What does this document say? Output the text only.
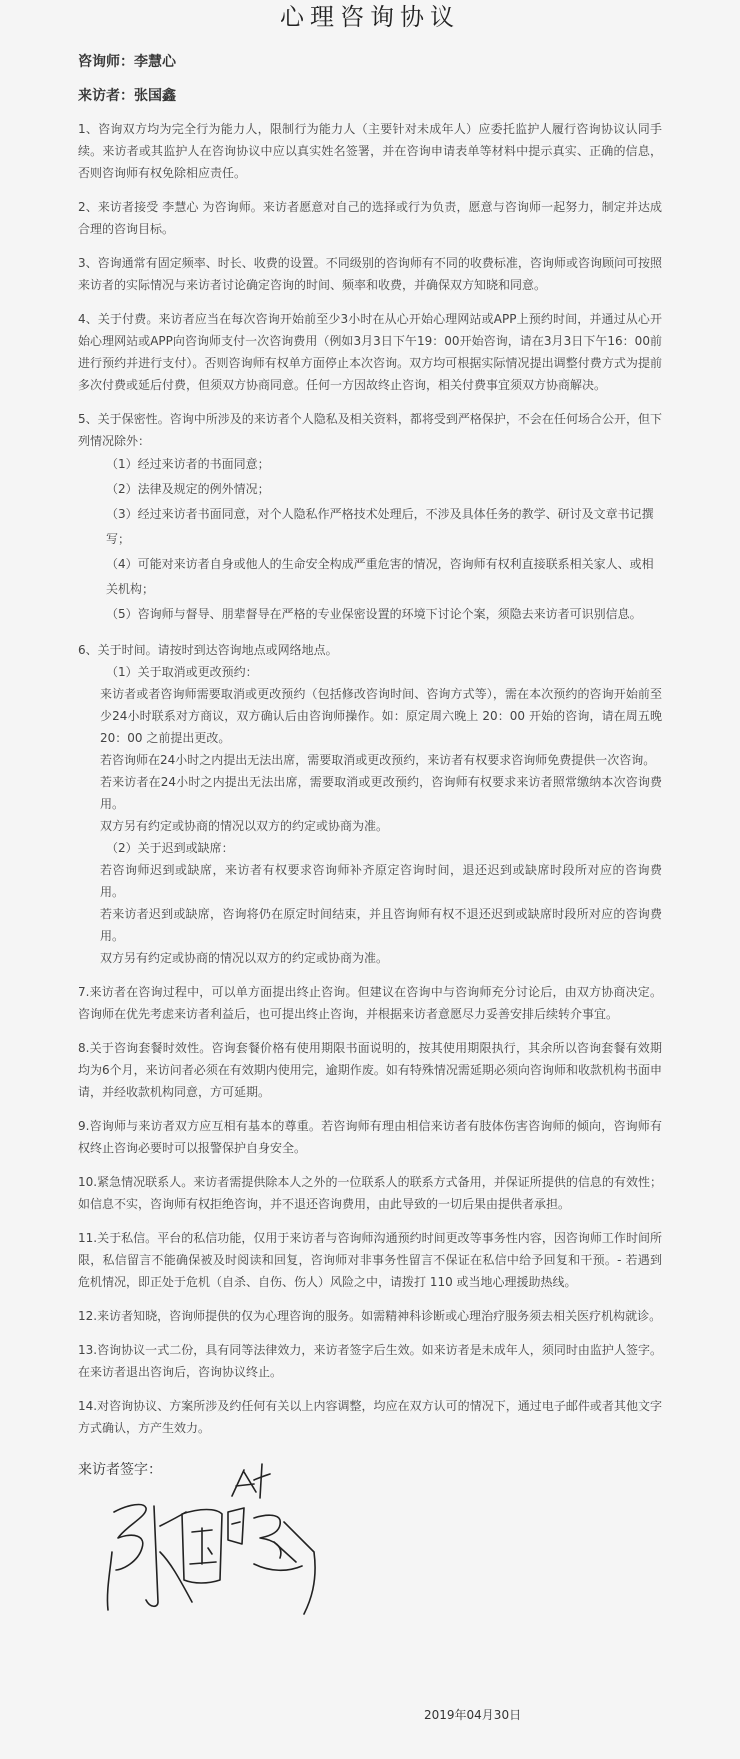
心理咨询协议

咨询师：李慧心

来访者：张国鑫

1、咨询双方均为完全行为能力人，限制行为能力人（主要针对未成年人）应委托监护人履行咨询协议认同手续。来访者或其监护人在咨询协议中应以真实姓名签署，并在咨询申请表单等材料中提示真实、正确的信息，否则咨询师有权免除相应责任。

2、来访者接受 李慧心 为咨询师。来访者愿意对自己的选择或行为负责，愿意与咨询师一起努力，制定并达成合理的咨询目标。

3、咨询通常有固定频率、时长、收费的设置。不同级别的咨询师有不同的收费标准，咨询师或咨询顾问可按照来访者的实际情况与来访者讨论确定咨询的时间、频率和收费，并确保双方知晓和同意。

4、关于付费。来访者应当在每次咨询开始前至少3小时在从心开始心理网站或APP上预约时间，并通过从心开始心理网站或APP向咨询师支付一次咨询费用（例如3月3日下午19：00开始咨询，请在3月3日下午16：00前进行预约并进行支付）。否则咨询师有权单方面停止本次咨询。双方均可根据实际情况提出调整付费方式为提前多次付费或延后付费，但须双方协商同意。任何一方因故终止咨询，相关付费事宜须双方协商解决。

5、关于保密性。咨询中所涉及的来访者个人隐私及相关资料，都将受到严格保护，不会在任何场合公开，但下列情况除外：

（1）经过来访者的书面同意；

（2）法律及规定的例外情况；

（3）经过来访者书面同意，对个人隐私作严格技术处理后，不涉及具体任务的教学、研讨及文章书记撰写；

（4）可能对来访者自身或他人的生命安全构成严重危害的情况，咨询师有权利直接联系相关家人、或相关机构；

（5）咨询师与督导、朋辈督导在严格的专业保密设置的环境下讨论个案，须隐去来访者可识别信息。

6、关于时间。请按时到达咨询地点或网络地点。

（1）关于取消或更改预约：

来访者或者咨询师需要取消或更改预约（包括修改咨询时间、咨询方式等），需在本次预约的咨询开始前至少24小时联系对方商议，双方确认后由咨询师操作。如：原定周六晚上 20：00 开始的咨询，请在周五晚 20：00 之前提出更改。

若咨询师在24小时之内提出无法出席，需要取消或更改预约，来访者有权要求咨询师免费提供一次咨询。

若来访者在24小时之内提出无法出席，需要取消或更改预约，咨询师有权要求来访者照常缴纳本次咨询费用。

双方另有约定或协商的情况以双方的约定或协商为准。

（2）关于迟到或缺席：

若咨询师迟到或缺席，来访者有权要求咨询师补齐原定咨询时间，退还迟到或缺席时段所对应的咨询费用。

若来访者迟到或缺席，咨询将仍在原定时间结束，并且咨询师有权不退还迟到或缺席时段所对应的咨询费用。

双方另有约定或协商的情况以双方的约定或协商为准。

7.来访者在咨询过程中，可以单方面提出终止咨询。但建议在咨询中与咨询师充分讨论后，由双方协商决定。咨询师在优先考虑来访者利益后，也可提出终止咨询，并根据来访者意愿尽力妥善安排后续转介事宜。

8.关于咨询套餐时效性。咨询套餐价格有使用期限书面说明的，按其使用期限执行，其余所以咨询套餐有效期均为6个月，来访问者必须在有效期内使用完，逾期作废。如有特殊情况需延期必须向咨询师和收款机构书面申请，并经收款机构同意，方可延期。

9.咨询师与来访者双方应互相有基本的尊重。若咨询师有理由相信来访者有肢体伤害咨询师的倾向，咨询师有权终止咨询必要时可以报警保护自身安全。

10.紧急情况联系人。来访者需提供除本人之外的一位联系人的联系方式备用，并保证所提供的信息的有效性；如信息不实，咨询师有权拒绝咨询，并不退还咨询费用，由此导致的一切后果由提供者承担。

11.关于私信。平台的私信功能，仅用于来访者与咨询师沟通预约时间更改等事务性内容，因咨询师工作时间所限，私信留言不能确保被及时阅读和回复，咨询师对非事务性留言不保证在私信中给予回复和干预。- 若遇到危机情况，即正处于危机（自杀、自伤、伤人）风险之中，请拨打 110 或当地心理援助热线。

12.来访者知晓，咨询师提供的仅为心理咨询的服务。如需精神科诊断或心理治疗服务须去相关医疗机构就诊。

13.咨询协议一式二份，具有同等法律效力，来访者签字后生效。如来访者是未成年人，须同时由监护人签字。在来访者退出咨询后，咨询协议终止。

14.对咨询协议、方案所涉及约任何有关以上内容调整，均应在双方认可的情况下，通过电子邮件或者其他文字方式确认，方产生效力。

来访者签字：

2019年04月30日
